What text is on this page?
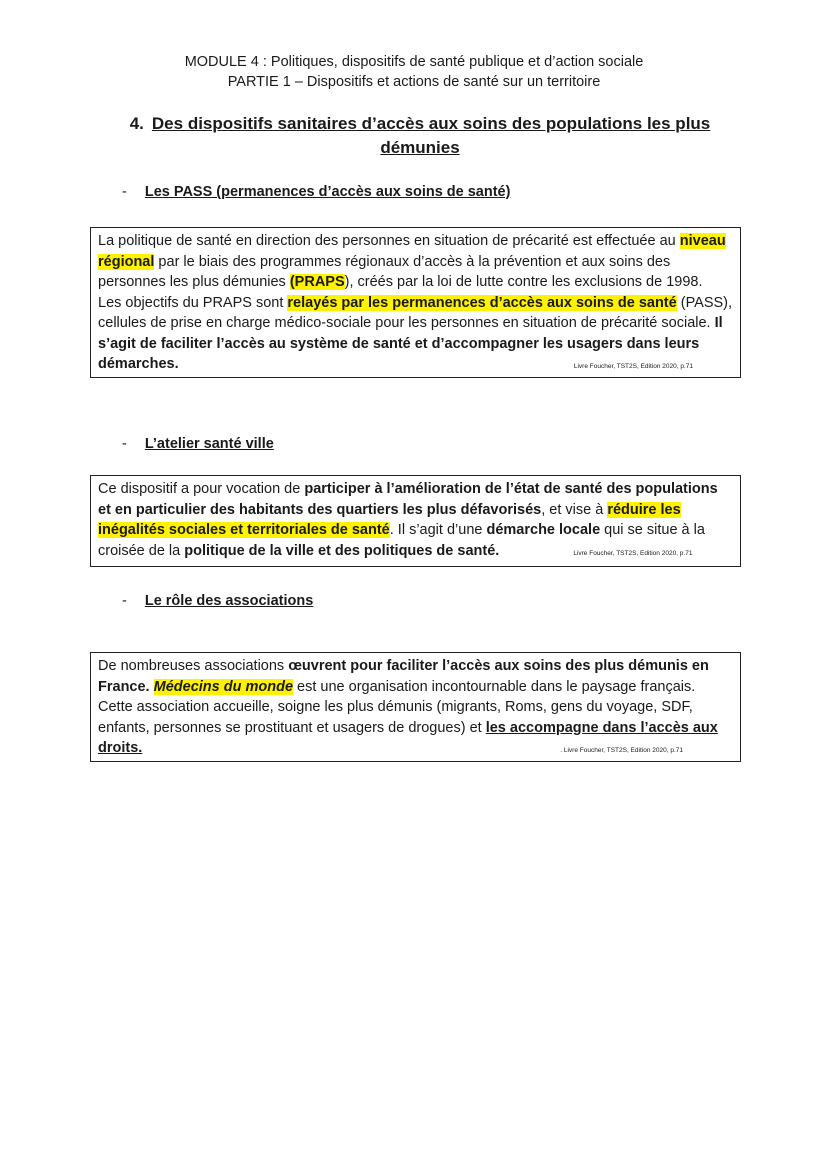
MODULE 4 : Politiques, dispositifs de santé publique et d’action sociale
PARTIE 1 – Dispositifs et actions de santé sur un territoire
4. Des dispositifs sanitaires d’accès aux soins des populations les plus
démunies
- Les PASS (permanences d’accès aux soins de santé)
La politique de santé en direction des personnes en situation de précarité est effectuée au niveau régional par le biais des programmes régionaux d’accès à la prévention et aux soins des personnes les plus démunies (PRAPS), créés par la loi de lutte contre les exclusions de 1998.
Les objectifs du PRAPS sont relayés par les permanences d’accès aux soins de santé (PASS), cellules de prise en charge médico-sociale pour les personnes en situation de précarité sociale. Il s’agit de faciliter l’accès au système de santé et d’accompagner les usagers dans leurs démarches.	Livre Foucher, TST2S, Edition 2020, p.71
- L’atelier santé ville
Ce dispositif a pour vocation de participer à l’amélioration de l’état de santé des populations et en particulier des habitants des quartiers les plus défavorisés, et vise à réduire les inégalités sociales et territoriales de santé. Il s’agit d’une démarche locale qui se situe à la croisée de la politique de la ville et des politiques de santé.	Livre Foucher, TST2S, Edition 2020, p.71
- Le rôle des associations
De nombreuses associations œuvrent pour faciliter l’accès aux soins des plus démunis en France. Médecins du monde est une organisation incontournable dans le paysage français. Cette association accueille, soigne les plus démunis (migrants, Roms, gens du voyage, SDF, enfants, personnes se prostituant et usagers de drogues) et les accompagne dans l’accès aux droits.	. Livre Foucher, TST2S, Edition 2020, p.71
